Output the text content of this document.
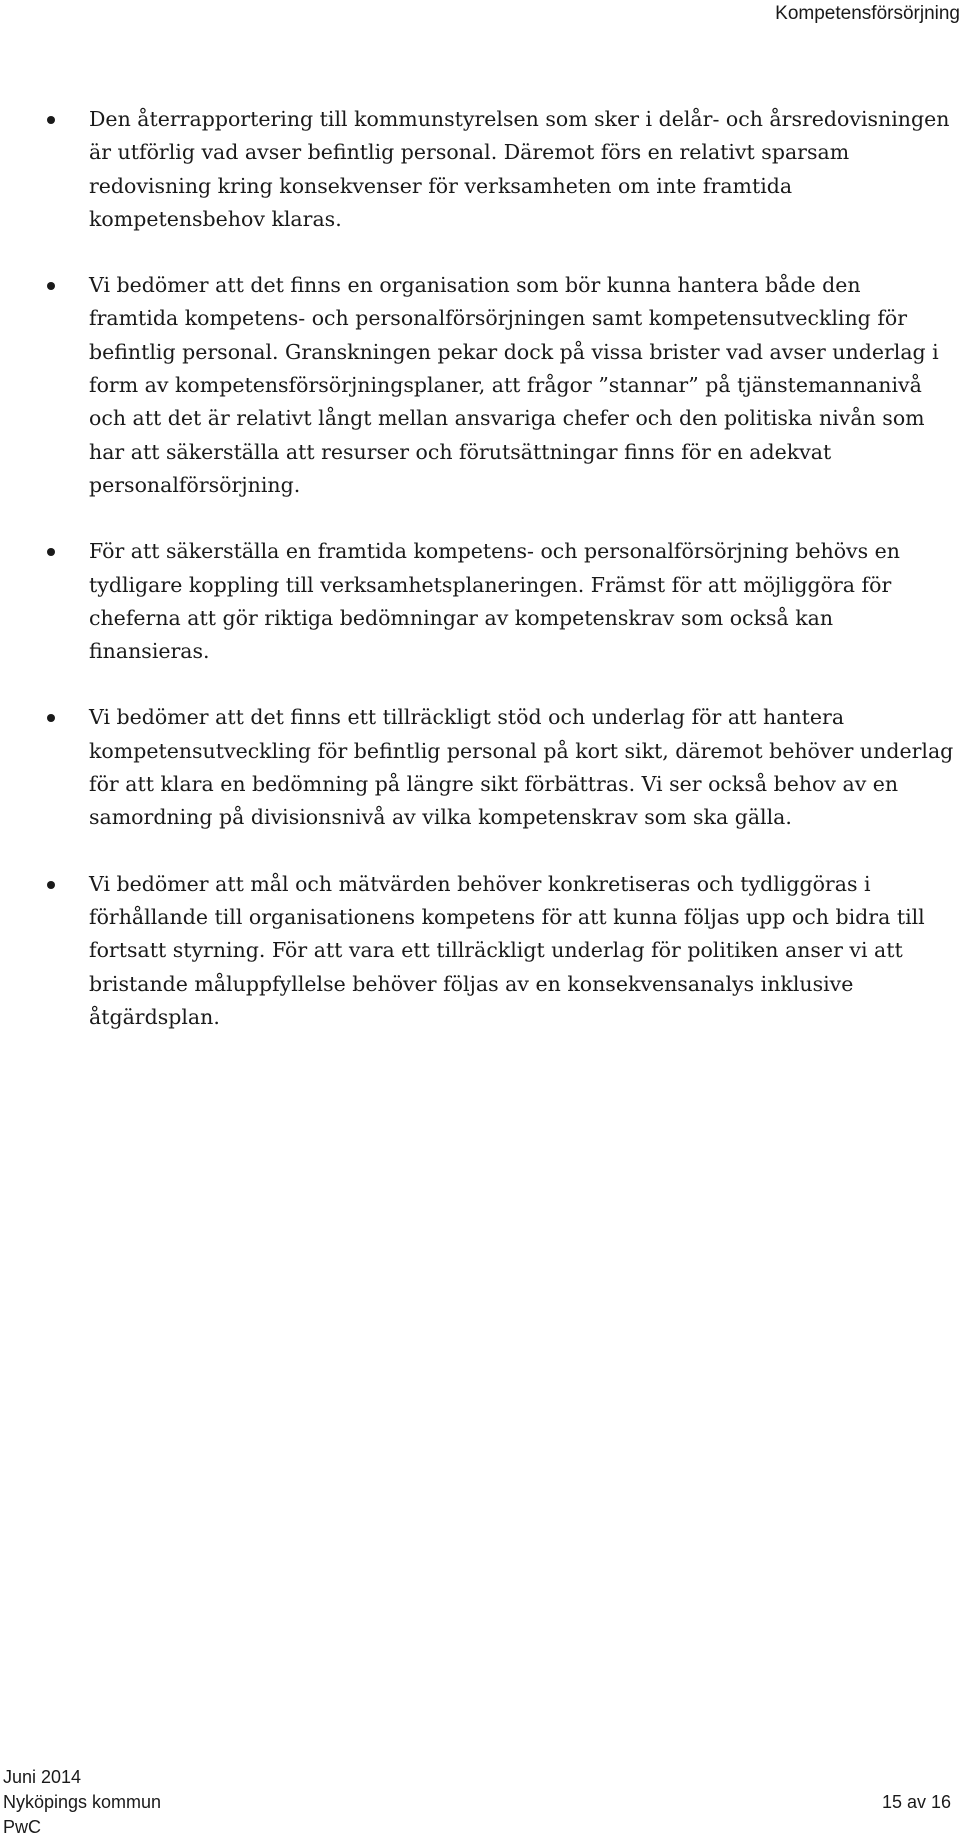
Kompetensförsörjning
Den återrapportering till kommunstyrelsen som sker i delår- och årsredovisningen är utförlig vad avser befintlig personal. Däremot förs en relativt sparsam redovisning kring konsekvenser för verksamheten om inte framtida kompetensbehov klaras.
Vi bedömer att det finns en organisation som bör kunna hantera både den framtida kompetens- och personalförsörjningen samt kompetensutveckling för befintlig personal. Granskningen pekar dock på vissa brister vad avser underlag i form av kompetensförsörjningsplaner, att frågor ”stannar” på tjänstemannanivå och att det är relativt långt mellan ansvariga chefer och den politiska nivån som har att säkerställa att resurser och förutsättningar finns för en adekvat personalförsörjning.
För att säkerställa en framtida kompetens- och personalförsörjning behövs en tydligare koppling till verksamhetsplaneringen. Främst för att möjliggöra för cheferna att gör riktiga bedömningar av kompetenskrav som också kan finansieras.
Vi bedömer att det finns ett tillräckligt stöd och underlag för att hantera kompetensutveckling för befintlig personal på kort sikt, däremot behöver underlag för att klara en bedömning på längre sikt förbättras. Vi ser också behov av en samordning på divisionsnivå av vilka kompetenskrav som ska gälla.
Vi bedömer att mål och mätvärden behöver konkretiseras och tydliggöras i förhållande till organisationens kompetens för att kunna följas upp och bidra till fortsatt styrning. För att vara ett tillräckligt underlag för politiken anser vi att bristande måluppfyllelse behöver följas av en konsekvensanalys inklusive åtgärdsplan.
Juni 2014
Nyköpings kommun	15 av 16
PwC
